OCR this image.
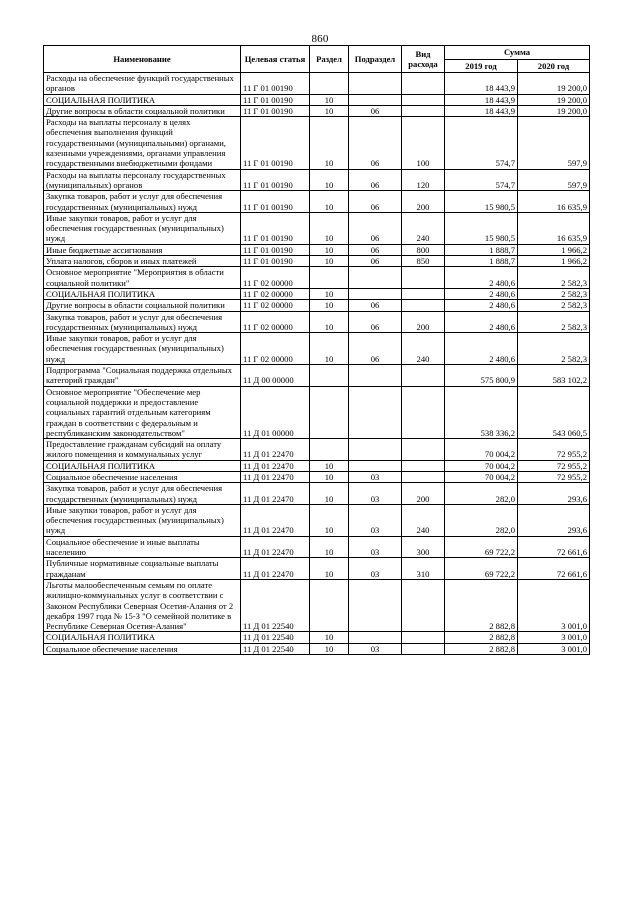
860
Наименование	Целевая статья	Раздел	Подраздел	Вид расхода	Сумма	
					2019 год	2020 год
Расходы на обеспечение функций государственных органов	11 Г 01 00190				18 443,9	19 200,0
СОЦИАЛЬНАЯ ПОЛИТИКА	11 Г 01 00190	10			18 443,9	19 200,0
Другие вопросы в области социальной политики	11 Г 01 00190	10	06		18 443,9	19 200,0
Расходы на выплаты персоналу в целях обеспечения выполнения функций государственными (муниципальными) органами, казенными учреждениями, органами управления государственными внебюджетными фондами	11 Г 01 00190	10	06	100	574,7	597,9
Расходы на выплаты персоналу государственных (муниципальных) органов	11 Г 01 00190	10	06	120	574,7	597,9
Закупка товаров, работ и услуг для обеспечения государственных (муниципальных) нужд	11 Г 01 00190	10	06	200	15 980,5	16 635,9
Иные закупки товаров, работ и услуг для обеспечения государственных (муниципальных) нужд	11 Г 01 00190	10	06	240	15 980,5	16 635,9
Иные бюджетные ассигнования	11 Г 01 00190	10	06	800	1 888,7	1 966,2
Уплата налогов, сборов и иных платежей	11 Г 01 00190	10	06	850	1 888,7	1 966,2
Основное мероприятие "Мероприятия в области социальной политики"	11 Г 02 00000				2 480,6	2 582,3
СОЦИАЛЬНАЯ ПОЛИТИКА	11 Г 02 00000	10			2 480,6	2 582,3
Другие вопросы в области социальной политики	11 Г 02 00000	10	06		2 480,6	2 582,3
Закупка товаров, работ и услуг для обеспечения государственных (муниципальных) нужд	11 Г 02 00000	10	06	200	2 480,6	2 582,3
Иные закупки товаров, работ и услуг для обеспечения государственных (муниципальных) нужд	11 Г 02 00000	10	06	240	2 480,6	2 582,3
Подпрограмма "Социальная поддержка отдельных категорий граждан"	11 Д 00 00000				575 800,9	583 102,2
Основное мероприятие "Обеспечение мер социальной поддержки и предоставление социальных гарантий отдельным категориям граждан в соответствии с федеральным и республиканским законодательством"	11 Д 01 00000				538 336,2	543 060,5
Предоставление гражданам субсидий на оплату жилого помещения и коммунальных услуг	11 Д 01 22470				70 004,2	72 955,2
СОЦИАЛЬНАЯ ПОЛИТИКА	11 Д 01 22470	10			70 004,2	72 955,2
Социальное обеспечение населения	11 Д 01 22470	10	03		70 004,2	72 955,2
Закупка товаров, работ и услуг для обеспечения государственных (муниципальных) нужд	11 Д 01 22470	10	03	200	282,0	293,6
Иные закупки товаров, работ и услуг для обеспечения государственных (муниципальных) нужд	11 Д 01 22470	10	03	240	282,0	293,6
Социальное обеспечение и иные выплаты населению	11 Д 01 22470	10	03	300	69 722,2	72 661,6
Публичные нормативные социальные выплаты гражданам	11 Д 01 22470	10	03	310	69 722,2	72 661,6
Льготы малообеспеченным семьям по оплате жилищно-коммунальных услуг в соответствии с Законом Республики Северная Осетия-Алания от 2 декабря 1997 года № 15-З "О семейной политике в Республике Северная Осетия-Алания"	11 Д 01 22540				2 882,8	3 001,0
СОЦИАЛЬНАЯ ПОЛИТИКА	11 Д 01 22540	10			2 882,8	3 001,0
Социальное обеспечение населения	11 Д 01 22540	10	03		2 882,8	3 001,0
